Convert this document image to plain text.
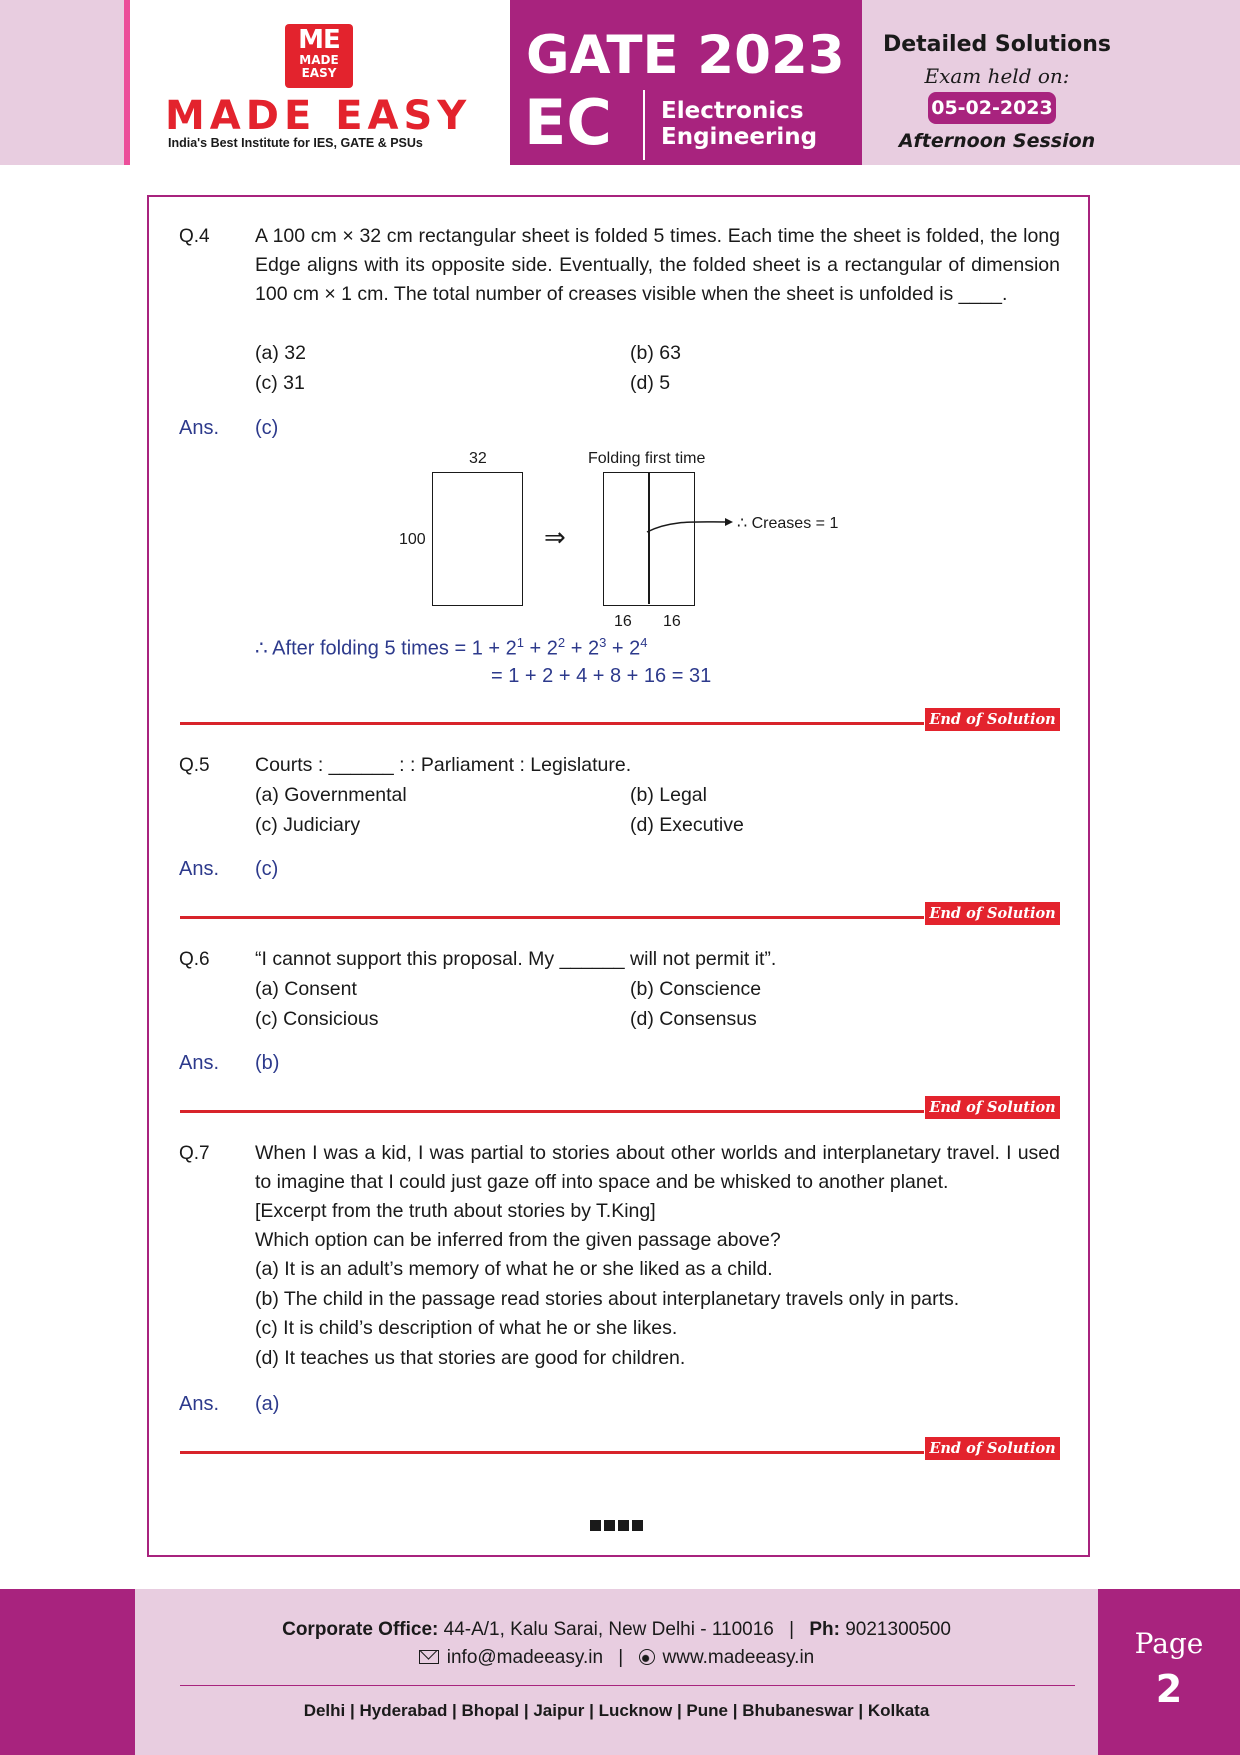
ME
MADE EASY
MADE EASY
India's Best Institute for IES, GATE & PSUs
GATE 2023
EC Electronics
Engineering
Detailed Solutions
Exam held on:
05-02-2023
Afternoon Session
Q.4 A 100 cm × 32 cm rectangular sheet is folded 5 times. Each time the sheet is folded, the long Edge aligns with its opposite side. Eventually, the folded sheet is a rectangular of dimension 100 cm × 1 cm. The total number of creases visible when the sheet is unfolded is ____.
(a) 32	(b) 63
(c) 31	(d) 5
Ans. (c)
32
100	⇒
Folding first time
∴ Creases = 1
16 16
∴ After folding 5 times = $1 + 2^1 + 2^2 + 2^3 + 2^4$
= 1 + 2 + 4 + 8 + 16 = 31
End of Solution
Q.5 Courts : ______ : : Parliament : Legislature.
(a) Governmental	(b) Legal
(c) Judiciary	(d) Executive
Ans. (c)
End of Solution
Q.6 “I cannot support this proposal. My ______ will not permit it”.
(a) Consent	(b) Conscience
(c) Consicious	(d) Consensus
Ans. (b)
End of Solution
Q.7 When I was a kid, I was partial to stories about other worlds and interplanetary travel. I used to imagine that I could just gaze off into space and be whisked to another planet.
[Excerpt from the truth about stories by T.King]
Which option can be inferred from the given passage above?
(a) It is an adult’s memory of what he or she liked as a child.
(b) The child in the passage read stories about interplanetary travels only in parts.
(c) It is child’s description of what he or she likes.
(d) It teaches us that stories are good for children.
Ans. (a)
End of Solution
Corporate Office: 44-A/1, Kalu Sarai, New Delhi - 110016 | Ph: 9021300500
info@madeeasy.in | www.madeeasy.in
Delhi | Hyderabad | Bhopal | Jaipur | Lucknow | Pune | Bhubaneswar | Kolkata
Page
2
